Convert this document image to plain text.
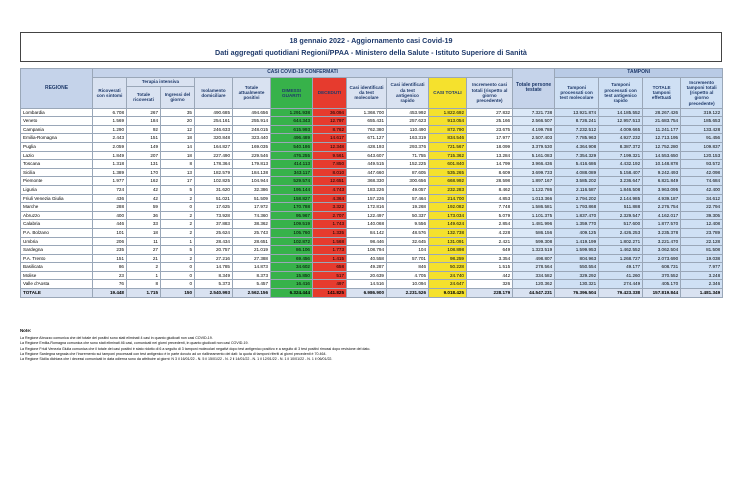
18 gennaio 2022 - Aggiornamento casi Covid-19
Dati aggregati quotidiani Regioni/PPAA - Ministero della Salute - Istituto Superiore di Sanità
REGIONE	CASI COVID-19 CONFERMATI											Totale persone testate	TAMPONI			
	Ricoverati con sintomi	Terapia intensiva		Isolamento domiciliare	Totale attualmente positivi	DIMESSI GUARITI	DECEDUTI	Casi identificati da test molecolare	Casi identificati da test antigenico rapido	CASI TOTALI	Incremento casi totali (rispetto al giorno precedente)		Tamponi processati con test molecolare	Tamponi processati con test antigenico rapido	TOTALE tamponi effettuati	Incremento tamponi totali (rispetto al giorno precedente)
		Totale ricoverati	Ingressi del giorno													
Lombardia	6.708	267	35	490.685	494.656	1.291.938	36.094	1.368.700	453.992	1.822.692	27.832	7.321.738	13.921.874	14.185.552	28.267.426	319.122
Veneto	1.569	184	20	254.161	255.914	644.343	12.797	655.431	257.623	913.054	25.166	2.566.507	8.726.241	12.957.513	21.683.754	185.653
Campania	1.290	92	12	246.633	248.015	615.993	8.762	762.380	110.490	872.790	23.675	4.199.788	7.232.512	4.009.665	11.241.177	133.428
Emilia-Romagna	2.443	151	18	320.848	323.440	496.489	14.617	671.127	163.319	834.546	17.977	2.507.403	7.785.963	4.927.232	12.713.195	91.456
Puglia	2.059	149	14	164.827	169.035	540.186	12.348	428.193	293.376	721.567	18.099	3.379.530	4.364.908	8.387.372	12.752.280	109.837
Lazio	1.849	207	18	227.490	229.546	476.255	9.561	643.607	71.755	715.362	13.284	5.161.083	7.354.329	7.199.321	14.553.650	120.153
Toscana	1.318	131	8	178.364	179.813	414.113	7.850	449.515	152.225	601.840	14.799	3.966.436	5.416.686	4.432.192	10.148.878	93.572
Sicilia	1.389	170	13	182.579	184.138	343.117	8.010	447.660	87.605	535.265	8.609	3.699.733	4.088.089	5.158.407	9.242.493	42.098
Piemonte	1.977	162	17	102.825	104.944	529.574	12.651	368.330	300.656	668.992	28.598	1.897.167	3.585.202	3.236.647	6.821.849	74.684
Liguria	724	42	5	31.620	32.386	195.144	4.743	183.226	49.057	232.283	8.462	1.122.786	2.116.587	1.846.508	3.963.095	42.400
Friuli Venezia Giulia	436	42	2	51.021	51.509	158.827	4.364	157.226	57.464	214.700	4.853	1.013.366	2.794.202	2.144.985	4.939.187	34.612
Marche	288	59	0	17.625	17.972	170.788	3.322	172.816	19.268	192.082	7.748	1.586.581	1.793.868	511.888	2.276.754	22.794
Abruzzo	400	36	2	73.928	74.360	95.967	2.707	122.497	50.337	173.034	5.079	1.101.375	1.837.470	2.329.547	4.162.017	39.305
Calabria	446	33	2	37.883	38.362	109.519	1.743	140.068	9.556	149.624	2.854	1.481.996	1.359.770	517.600	1.877.570	12.408
P.A. Bolzano	101	18	2	25.624	25.743	105.760	1.335	84.142	48.576	132.738	4.228	586.156	409.125	2.426.253	3.235.378	23.789
Umbria	206	11	1	28.434	28.651	102.872	1.568	98.446	32.645	131.091	2.421	599.308	1.419.199	1.802.271	3.221.470	22.128
Sardegna	235	27	5	20.757	21.019	86.106	1.773	108.794	104	108.898	649	1.323.519	1.599.953	1.462.552	3.062.504	81.508
P.A. Trento	151	21	2	27.216	27.388	69.456	1.415	40.558	57.701	98.259	3.354	498.807	804.963	1.268.727	2.073.690	19.038
Basilicata	86	2	0	14.785	14.873	34.602	658	49.287	846	50.228	1.515	278.564	550.554	49.177	608.731	7.977
Molise	23	1	0	8.349	8.373	15.850	517	20.639	4.705	24.740	442	334.582	329.292	41.260	370.552	3.248
Valle d'Aosta	76	8	0	5.373	5.457	16.416	497	14.516	10.094	24.647	326	120.362	130.321	274.449	405.170	2.346
TOTALE	19.448	1.715	150	2.540.993	2.562.156	6.324.444	141.825	6.986.900	2.231.526	9.018.425	228.179	44.547.231	76.396.504	79.423.338	157.819.844	1.481.349
Note:
La Regione Abruzzo comunica che del totale dei positivi sono stati eliminati 4 casi in quanto giudicati non casi COVID-19.
La Regione Emilia-Romagna comunica che sono stati eliminati 46 casi, comunicati nei giorni precedenti, in quanto giudicati non casi COVID-19.
La Regione Friuli Venezia Giulia comunica che il totale dei casi positivi è stato ridotto di 6 a seguito di 3 tamponi molecolari negativi dopo test antigenico positivo e a seguito di 3 test positivi rimossi dopo revisione del dato.
La Regione Sardegna segnala che l'incremento sui tamponi processati con test antigenico è in parte dovuto ad un riallineamento dei dati: la quota di tamponi riferiti ai giorni precedenti è 70.464.
La Regione Sicilia dichiara che i decessi comunicati in data odierna sono da attribuire ai giorni: N 3 il 16/01/22 - N. 5 il 15/01/22 - N. 2 il 14/01/22 - N. 1 il 12/01/22 - N. 1 il 10/01/22 - N. 1 il 06/01/22.
